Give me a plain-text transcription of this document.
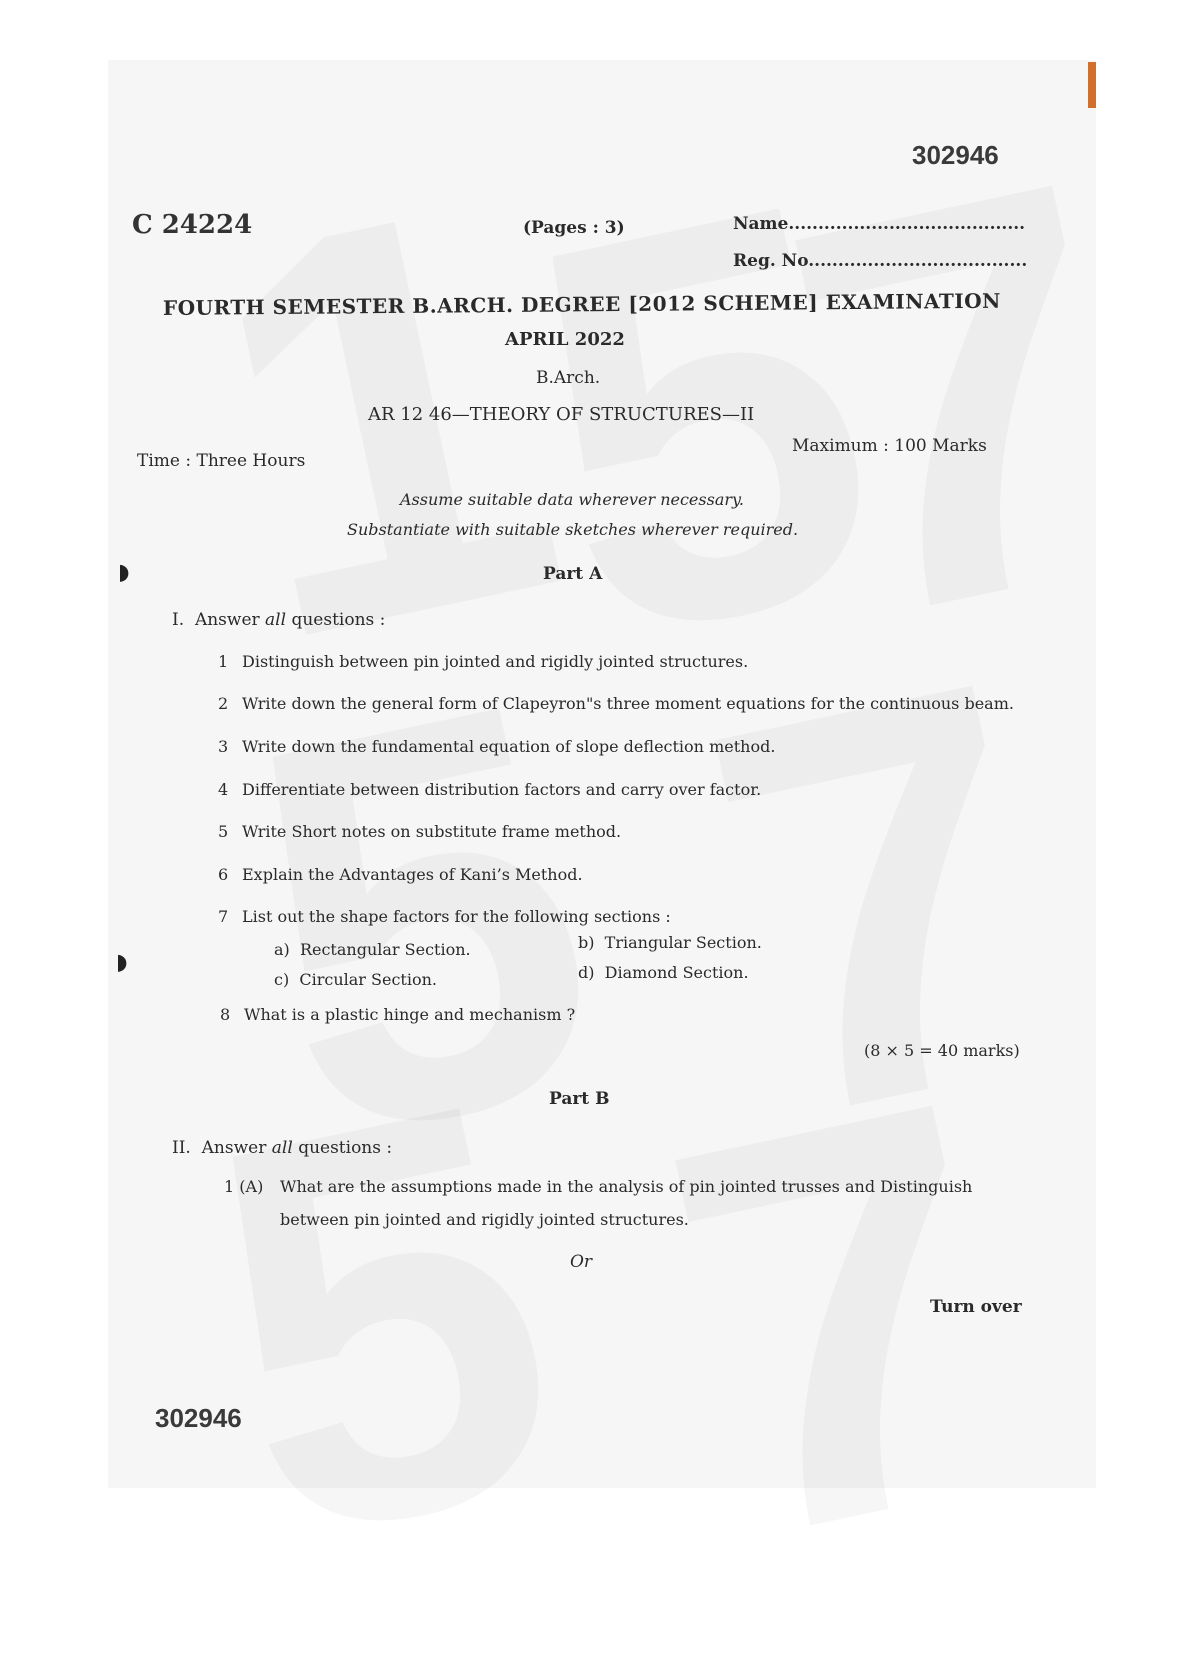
◗
◗
302946
C 24224	(Pages : 3)	Name........................................
Reg. No.....................................
FOURTH SEMESTER B.ARCH. DEGREE [2012 SCHEME] EXAMINATION
APRIL 2022
B.Arch.
AR 12 46—THEORY OF STRUCTURES—II
Time : Three Hours
Maximum : 100 Marks
Assume suitable data wherever necessary.
Substantiate with suitable sketches wherever required.
Part A
I. Answer all questions :
1 Distinguish between pin jointed and rigidly jointed structures.
2 Write down the general form of Clapeyron"s three moment equations for the continuous beam.
3 Write down the fundamental equation of slope deflection method.
4 Differentiate between distribution factors and carry over factor.
5 Write Short notes on substitute frame method.
6 Explain the Advantages of Kani’s Method.
7 List out the shape factors for the following sections :
a) Rectangular Section.	b) Triangular Section.
c) Circular Section.	d) Diamond Section.
8 What is a plastic hinge and mechanism ?
(8 × 5 = 40 marks)
Part B
II. Answer all questions :
1 (A) What are the assumptions made in the analysis of pin jointed trusses and Distinguish
between pin jointed and rigidly jointed structures.
Or
Turn over
302946
